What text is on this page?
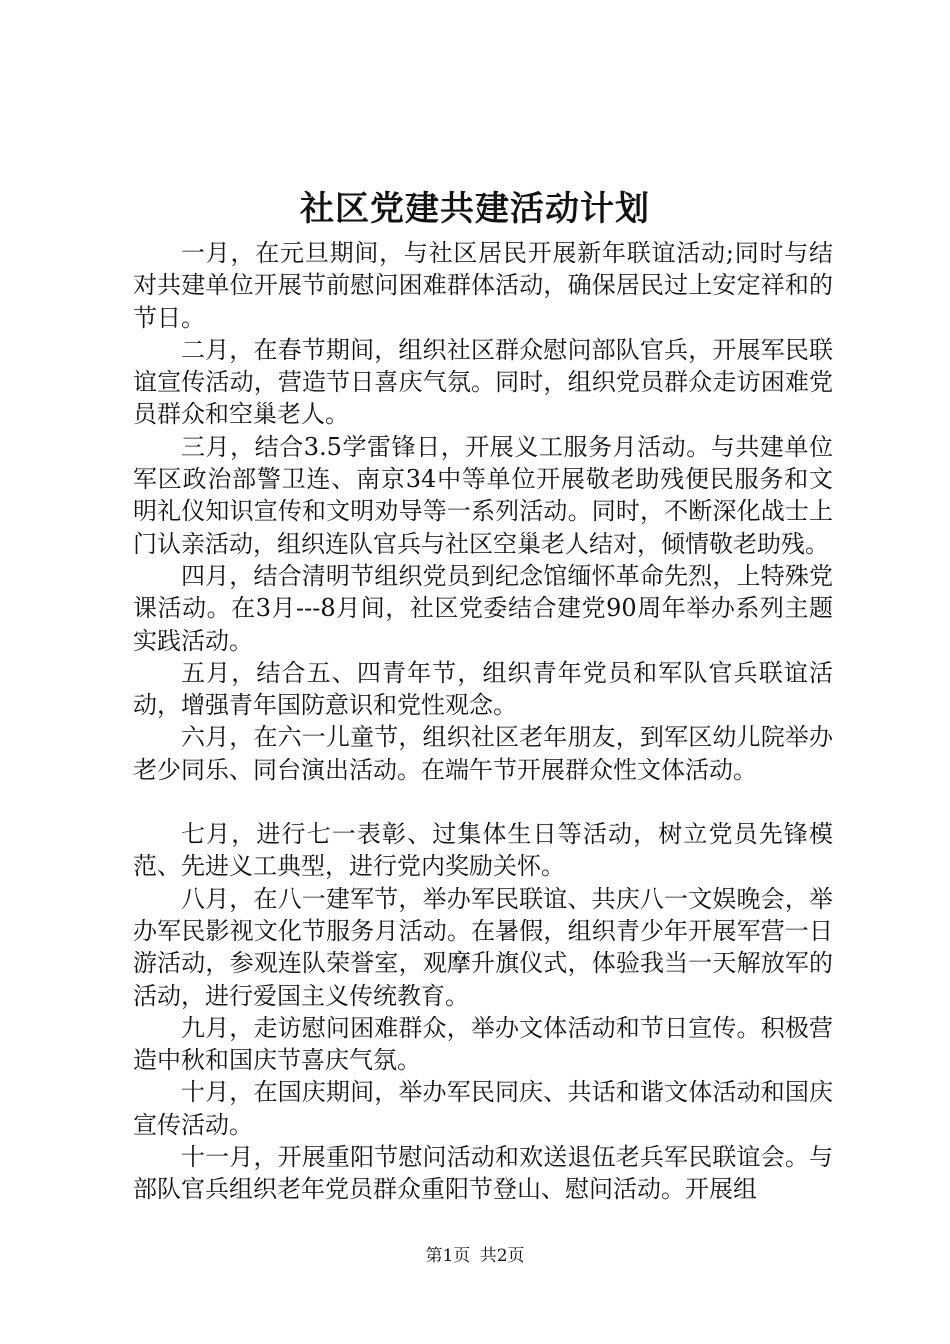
社区党建共建活动计划

一月，在元旦期间，与社区居民开展新年联谊活动;同时与结对共建单位开展节前慰问困难群体活动，确保居民过上安定祥和的节日。

二月，在春节期间，组织社区群众慰问部队官兵，开展军民联谊宣传活动，营造节日喜庆气氛。同时，组织党员群众走访困难党员群众和空巢老人。

三月，结合3.5学雷锋日，开展义工服务月活动。与共建单位军区政治部警卫连、南京34中等单位开展敬老助残便民服务和文明礼仪知识宣传和文明劝导等一系列活动。同时，不断深化战士上门认亲活动，组织连队官兵与社区空巢老人结对，倾情敬老助残。

四月，结合清明节组织党员到纪念馆缅怀革命先烈，上特殊党课活动。在3月---8月间，社区党委结合建党90周年举办系列主题实践活动。

五月，结合五、四青年节，组织青年党员和军队官兵联谊活动，增强青年国防意识和党性观念。

六月，在六一儿童节，组织社区老年朋友，到军区幼儿院举办老少同乐、同台演出活动。在端午节开展群众性文体活动。

七月，进行七一表彰、过集体生日等活动，树立党员先锋模范、先进义工典型，进行党内奖励关怀。

八月，在八一建军节，举办军民联谊、共庆八一文娱晚会，举办军民影视文化节服务月活动。在暑假，组织青少年开展军营一日游活动，参观连队荣誉室，观摩升旗仪式，体验我当一天解放军的活动，进行爱国主义传统教育。

九月，走访慰问困难群众，举办文体活动和节日宣传。积极营造中秋和国庆节喜庆气氛。

十月，在国庆期间，举办军民同庆、共话和谐文体活动和国庆宣传活动。

十一月，开展重阳节慰问活动和欢送退伍老兵军民联谊会。与部队官兵组织老年党员群众重阳节登山、慰问活动。开展组

第1页 共2页
